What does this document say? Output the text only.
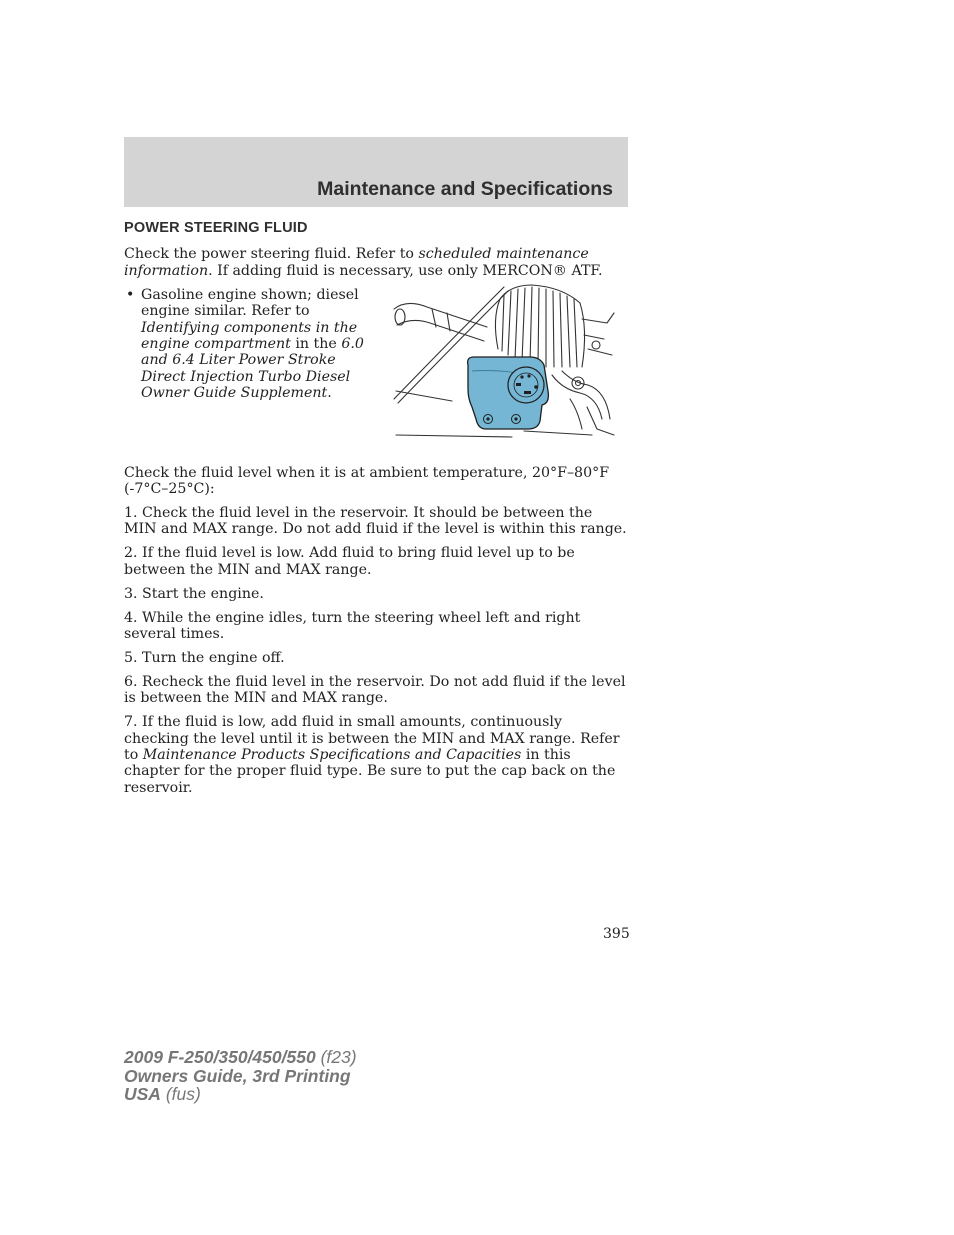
Maintenance and Specifications
POWER STEERING FLUID

Check the power steering fluid. Refer to scheduled maintenance information. If adding fluid is necessary, use only MERCON® ATF.

• Gasoline engine shown; diesel engine similar. Refer to Identifying components in the engine compartment in the 6.0 and 6.4 Liter Power Stroke Direct Injection Turbo Diesel Owner Guide Supplement.

Check the fluid level when it is at ambient temperature, 20°F–80°F (-7°C–25°C):

1. Check the fluid level in the reservoir. It should be between the MIN and MAX range. Do not add fluid if the level is within this range.

2. If the fluid level is low. Add fluid to bring fluid level up to be between the MIN and MAX range.

3. Start the engine.

4. While the engine idles, turn the steering wheel left and right several times.

5. Turn the engine off.

6. Recheck the fluid level in the reservoir. Do not add fluid if the level is between the MIN and MAX range.

7. If the fluid is low, add fluid in small amounts, continuously checking the level until it is between the MIN and MAX range. Refer to Maintenance Products Specifications and Capacities in this chapter for the proper fluid type. Be sure to put the cap back on the reservoir.

395
2009 F-250/350/450/550 (f23)
Owners Guide, 3rd Printing
USA (fus)
